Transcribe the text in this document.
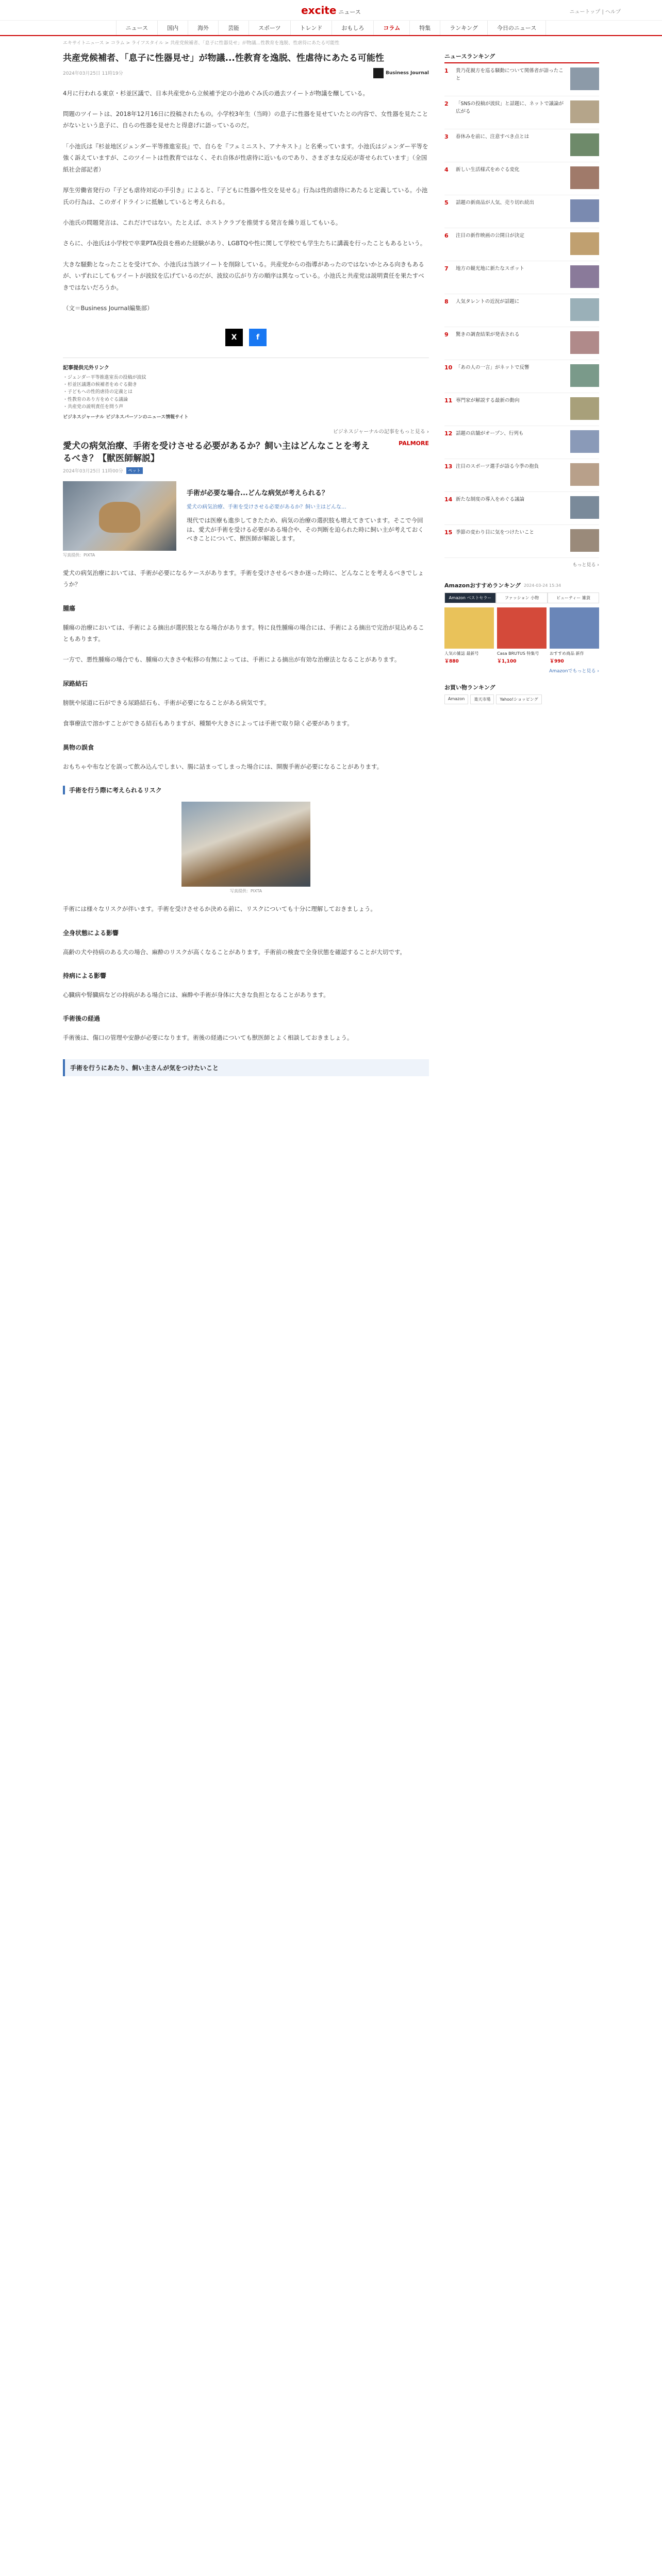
excite ニュース	ニュートップ | ヘルプ
ニュース	国内	海外	芸能	スポーツ	トレンド	おもしろ	コラム	特集	ランキング	今日のニュース
エキサイトニュース > コラム > ライフスタイル > 共産党候補者、「息子に性器見せ」が物議...性教育を逸脱、性虐待にあたる可能性
共産党候補者、「息子に性器見せ」が物議...性教育を逸脱、性虐待にあたる可能性
2024年03月25日 11時19分	Business Journal

4月に行われる東京・杉並区議で、日本共産党から立候補予定の小池めぐみ氏の過去ツイートが物議を醸している。

問題のツイートは、2018年12月16日に投稿されたもの。小学校3年生（当時）の息子に性器を見せていたとの内容で、女性器を見たことがないという息子に、自らの性器を見せたと得意げに語っているのだ。

「小池氏は『杉並地区ジェンダー平等推進室長』で、自らを『フェミニスト、アナキスト』と名乗っています。小池氏はジェンダー平等を強く訴えていますが、このツイートは性教育ではなく、それ自体が性虐待に近いものであり、さまざまな反応が寄せられています」（全国紙社会部記者）

厚生労働省発行の『子ども虐待対応の手引き』によると、『子どもに性器や性交を見せる』行為は性的虐待にあたると定義している。小池氏の行為は、このガイドラインに抵触していると考えられる。

小池氏の問題発言は、これだけではない。たとえば、ホストクラブを推奨する発言を繰り返してもいる。

さらに、小池氏は小学校で卒業PTA役員を務めた経験があり、LGBTQや性に関して学校でも学生たちに講義を行ったこともあるという。

大きな騒動となったことを受けてか、小池氏は当該ツイートを削除している。共産党からの指導があったのではないかとみる向きもあるが、いずれにしてもツイートが波紋を広げているのだが、波紋の広がり方の順序は異なっている。小池氏と共産党は説明責任を果たすべきではないだろうか。

（文＝Business Journal編集部）

X	f
記事提供元外リンク
・ ジェンダー平等推進室長の投稿が波紋
・ 杉並区議選の候補者をめぐる動き
・ 子どもへの性的虐待の定義とは
・ 性教育のあり方をめぐる議論
・ 共産党の説明責任を問う声
ビジネスジャーナル ビジネスパーソンのニュース情報サイト
ビジネスジャーナルの記事をもっと見る ›
愛犬の病気治療、手術を受けさせる必要があるか？飼い主はどんなことを考えるべき？【獣医師解説】
PALMORE
2024年03月25日 11時00分	ペット
写真提供：PIXTA
手術が必要な場合...どんな病気が考えられる？

愛犬の病気治療、手術を受けさせる必要があるか？飼い主はどんな...

現代では医療も進歩してきたため、病気の治療の選択肢も増えてきています。そこで今回は、愛犬が手術を受ける必要がある場合や、その判断を迫られた時に飼い主が考えておくべきことについて、獣医師が解説します。

愛犬の病気治療においては、手術が必要になるケースがあります。手術を受けさせるべきか迷った時に、どんなことを考えるべきでしょうか？

腫瘍

腫瘍の治療においては、手術による摘出が選択肢となる場合があります。特に良性腫瘍の場合には、手術による摘出で完治が見込めることもあります。

一方で、悪性腫瘍の場合でも、腫瘍の大きさや転移の有無によっては、手術による摘出が有効な治療法となることがあります。

尿路結石

膀胱や尿道に石ができる尿路結石も、手術が必要になることがある病気です。

食事療法で溶かすことができる結石もありますが、種類や大きさによっては手術で取り除く必要があります。

異物の誤食

おもちゃや布などを誤って飲み込んでしまい、腸に詰まってしまった場合には、開腹手術が必要になることがあります。

手術を行う際に考えられるリスク
写真提供：PIXTA

手術には様々なリスクが伴います。手術を受けさせるか決める前に、リスクについても十分に理解しておきましょう。

全身状態による影響

高齢の犬や持病のある犬の場合、麻酔のリスクが高くなることがあります。手術前の検査で全身状態を確認することが大切です。

持病による影響

心臓病や腎臓病などの持病がある場合には、麻酔や手術が身体に大きな負担となることがあります。

手術後の経過

手術後は、傷口の管理や安静が必要になります。術後の経過についても獣医師とよく相談しておきましょう。

手術を行うにあたり、飼い主さんが気をつけたいこと
ニュースランキング
1	貴乃花親方を巡る騒動について関係者が語ったこと
2	「SNSの投稿が波紋」と話題に、ネットで議論が広がる
3	春休みを前に、注意すべき点とは
4	新しい生活様式をめぐる変化
5	話題の新商品が人気、売り切れ続出
6	注目の新作映画の公開日が決定
7	地方の観光地に新たなスポット
8	人気タレントの近況が話題に
9	驚きの調査結果が発表される
10 「あの人の一言」がネットで反響
11 専門家が解説する最新の動向
12 話題の店舗がオープン、行列も
13 注目のスポーツ選手が語る今季の抱負
14 新たな制度の導入をめぐる議論
15 季節の変わり目に気をつけたいこと
もっと見る ›
Amazonおすすめランキング 2024-03-24 15:34
Amazon ベストセラー	ファッション 小物	ビューティー 雑貨
人気の雑誌 最新号
￥880
Casa BRUTUS 特集号
￥1,100
おすすめ商品 新作
￥990
Amazonでもっと見る ›
お買い物ランキング
Amazon	楽天市場	Yahoo!ショッピング
